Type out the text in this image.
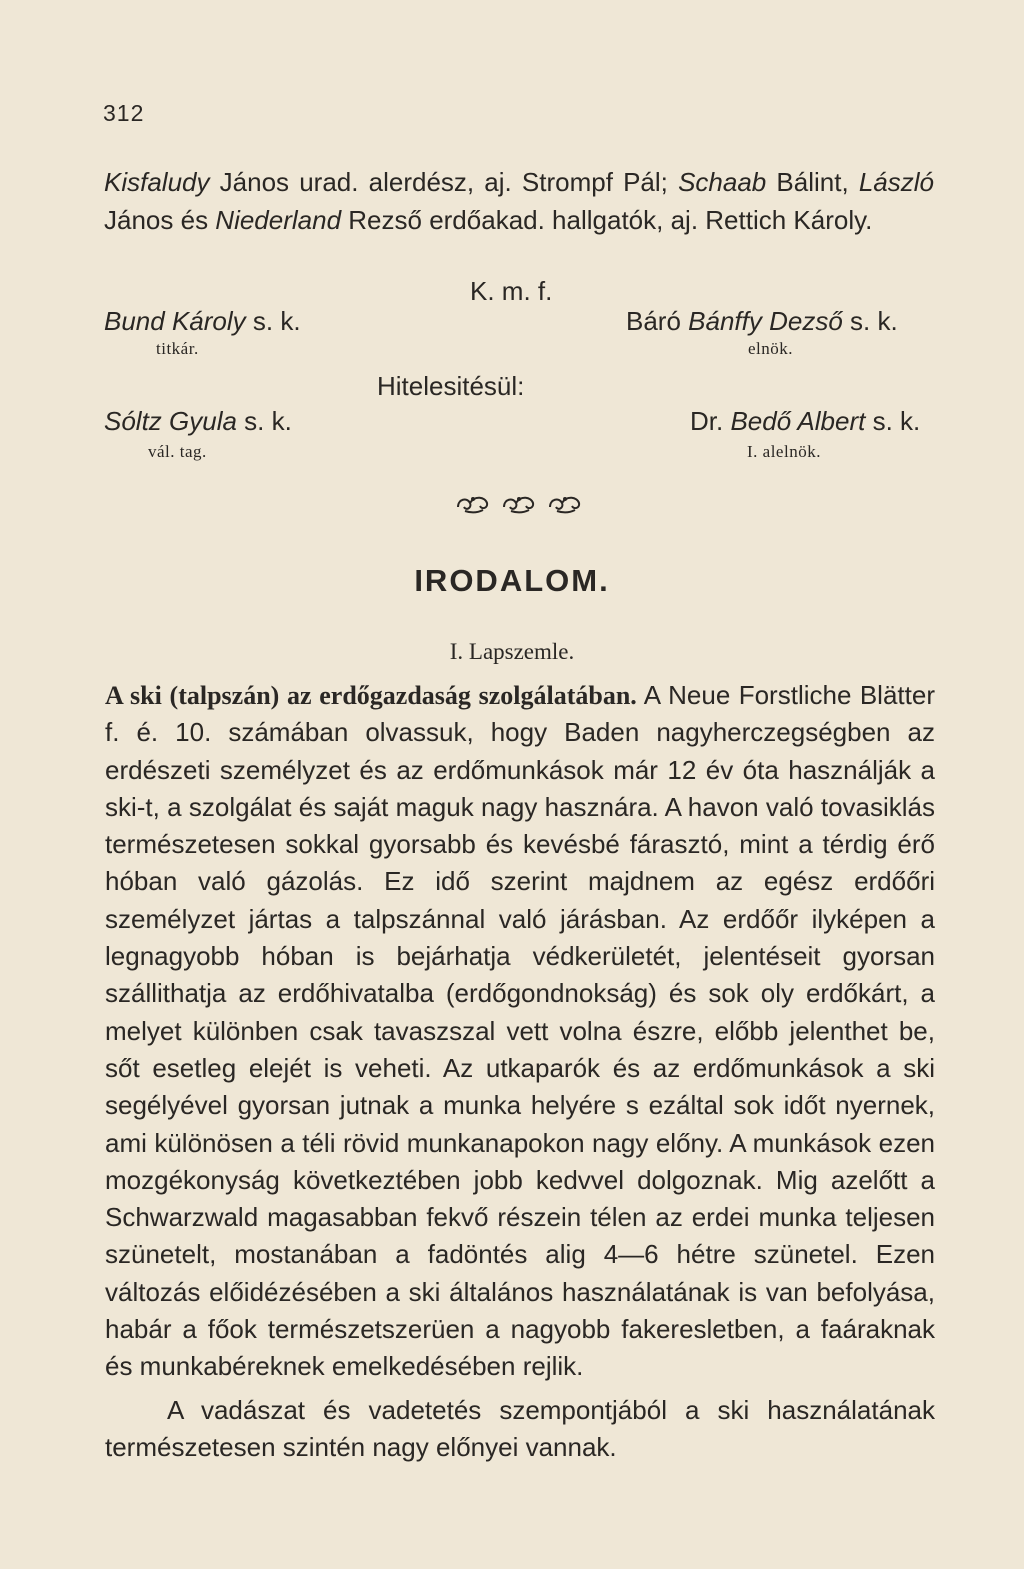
312
Kisfaludy János urad. alerdész, aj. Strompf Pál; Schaab Bálint, László János és Niederland Rezső erdőakad. hallgatók, aj. Rettich Károly.
K. m. f.
Bund Károly s. k.
titkár.
Báró Bánffy Dezső s. k.
elnök.
Hitelesitésül:
Sóltz Gyula s. k.
vál. tag.
Dr. Bedő Albert s. k.
I. alelnök.
IRODALOM.
I. Lapszemle.

A ski (talpszán) az erdőgazdaság szolgálatában. A Neue Forstliche Blätter f. é. 10. számában olvassuk, hogy Baden nagyherczegségben az erdészeti személyzet és az erdőmunkások már 12 év óta használják a ski-t, a szolgálat és saját maguk nagy hasznára. A havon való tovasiklás természetesen sokkal gyorsabb és kevésbé fárasztó, mint a térdig érő hóban való gázolás. Ez idő szerint majdnem az egész erdőőri személyzet jártas a talpszánnal való járásban. Az erdőőr ilyképen a legnagyobb hóban is bejárhatja védkerületét, jelentéseit gyorsan szállithatja az erdőhivatalba (erdőgondnokság) és sok oly erdőkárt, a melyet különben csak tavaszszal vett volna észre, előbb jelenthet be, sőt esetleg elejét is veheti. Az utkaparók és az erdőmunkások a ski segélyével gyorsan jutnak a munka helyére s ezáltal sok időt nyernek, ami különösen a téli rövid munkanapokon nagy előny. A munkások ezen mozgékonyság következtében jobb kedvvel dolgoznak. Mig azelőtt a Schwarzwald magasabban fekvő részein télen az erdei munka teljesen szünetelt, mostanában a fadöntés alig 4—6 hétre szünetel. Ezen változás előidézésében a ski általános használatának is van befolyása, habár a főok természetszerüen a nagyobb fakeresletben, a faáraknak és munkabéreknek emelkedésében rejlik.

A vadászat és vadetetés szempontjából a ski használatának természetesen szintén nagy előnyei vannak.
